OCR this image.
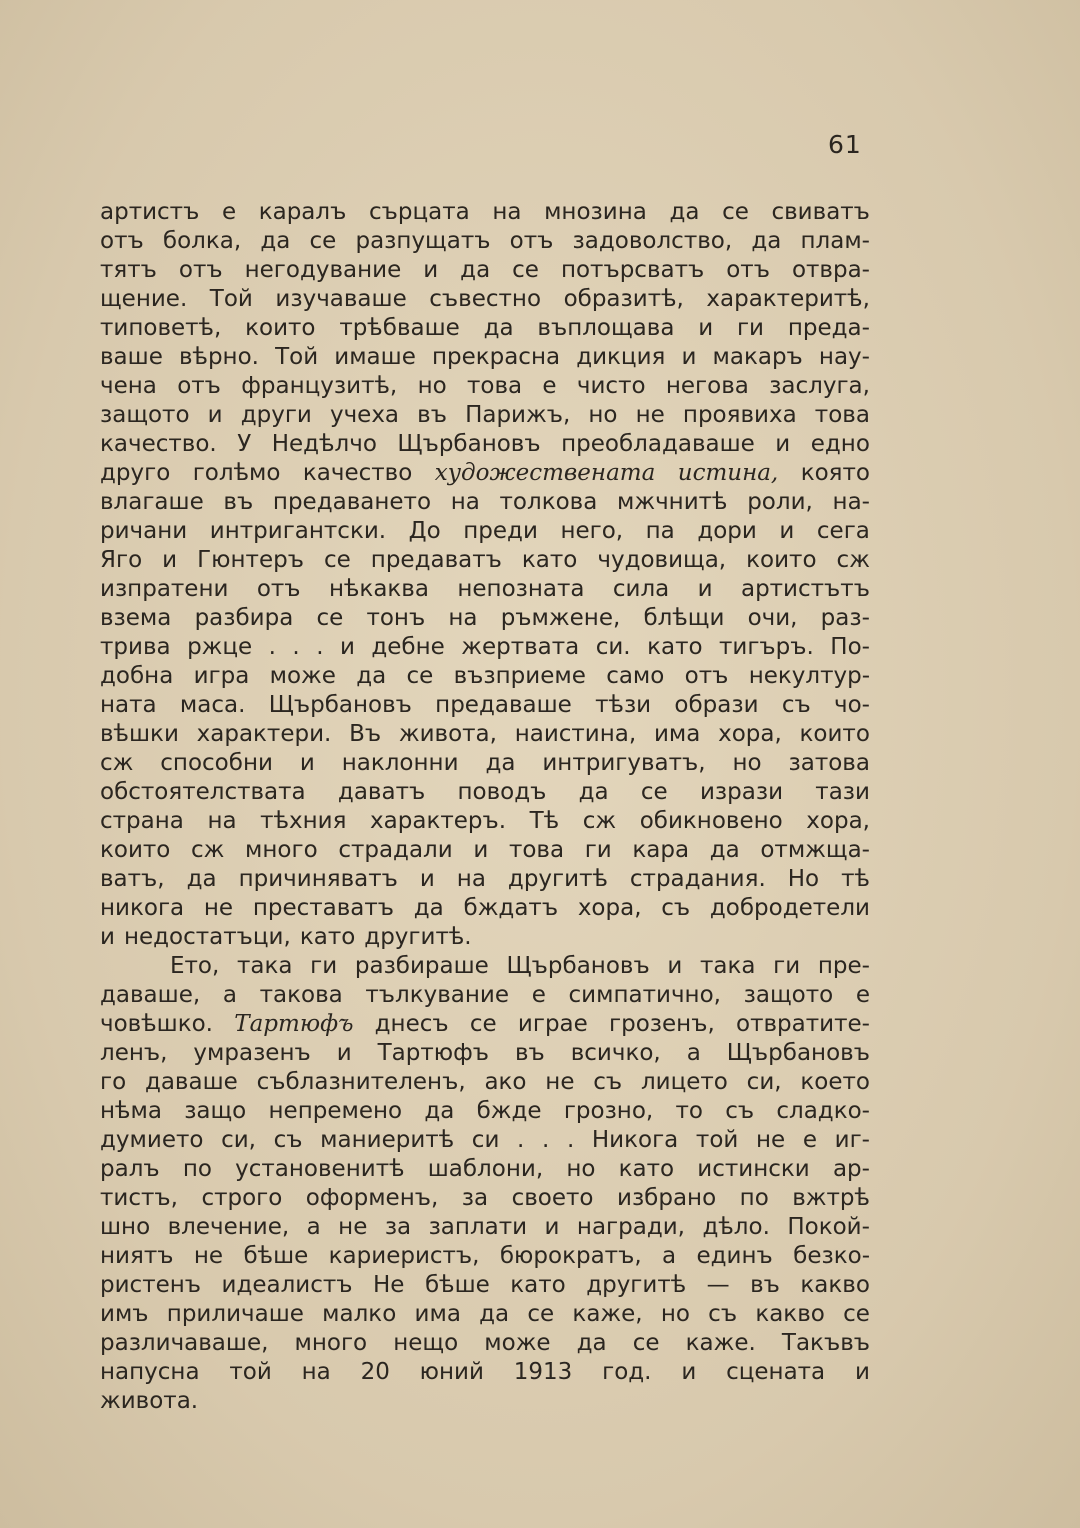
61
артистъ е каралъ сърцата на мнозина да се свиватъ
отъ болка, да се разпущатъ отъ задоволство, да плам-
тятъ отъ негодувание и да се потърсватъ отъ отвра-
щение. Той изучаваше съвестно образитѣ, характеритѣ,
типоветѣ, които трѣбваше да въплощава и ги преда-
ваше вѣрно. Той имаше прекрасна дикция и макаръ нау-
чена отъ французитѣ, но това е чисто негова заслуга,
защото и други учеха въ Парижъ, но не проявиха това
качество. У Недѣлчо Щърбановъ преобладаваше и едно
друго голѣмо качество художествената истина, която
влагаше въ предаването на толкова мжчнитѣ роли, на-
ричани интригантски. До преди него, па дори и сега
Яго и Гюнтеръ се предаватъ като чудовища, които сж
изпратени отъ нѣкаква непозната сила и артистътъ
взема разбира се тонъ на ръмжене, блѣщи очи, раз-
трива ржце . . . и дебне жертвата си. като тигъръ. По-
добна игра може да се възприеме само отъ некултур-
ната маса. Щърбановъ предаваше тѣзи образи съ чо-
вѣшки характери. Въ живота, наистина, има хора, които
сж способни и наклонни да интригуватъ, но затова
обстоятелствата даватъ поводъ да се изрази тази
страна на тѣхния характеръ. Тѣ сж обикновено хора,
които сж много страдали и това ги кара да отмжща-
ватъ, да причиняватъ и на другитѣ страдания. Но тѣ
никога не преставатъ да бждатъ хора, съ добродетели
и недостатъци, като другитѣ.
Ето, така ги разбираше Щърбановъ и така ги пре-
даваше, а такова тълкувание е симпатично, защото е
човѣшко. Тартюфъ днесъ се играе грозенъ, отвратите-
ленъ, умразенъ и Тартюфъ въ всичко, а Щърбановъ
го даваше съблазнителенъ, ако не съ лицето си, което
нѣма защо непремено да бжде грозно, то съ сладко-
думието си, съ маниеритѣ си . . . Никога той не е иг-
ралъ по установенитѣ шаблони, но като истински ар-
тистъ, строго оформенъ, за своето избрано по вжтрѣ
шно влечение, а не за заплати и награди, дѣло. Покой-
ниятъ не бѣше кариеристъ, бюрократъ, а единъ безко-
ристенъ идеалистъ Не бѣше като другитѣ — въ какво
имъ приличаше малко има да се каже, но съ какво се
различаваше, много нещо може да се каже. Такъвъ
напусна той на 20 юний 1913 год. и сцената и
живота.
